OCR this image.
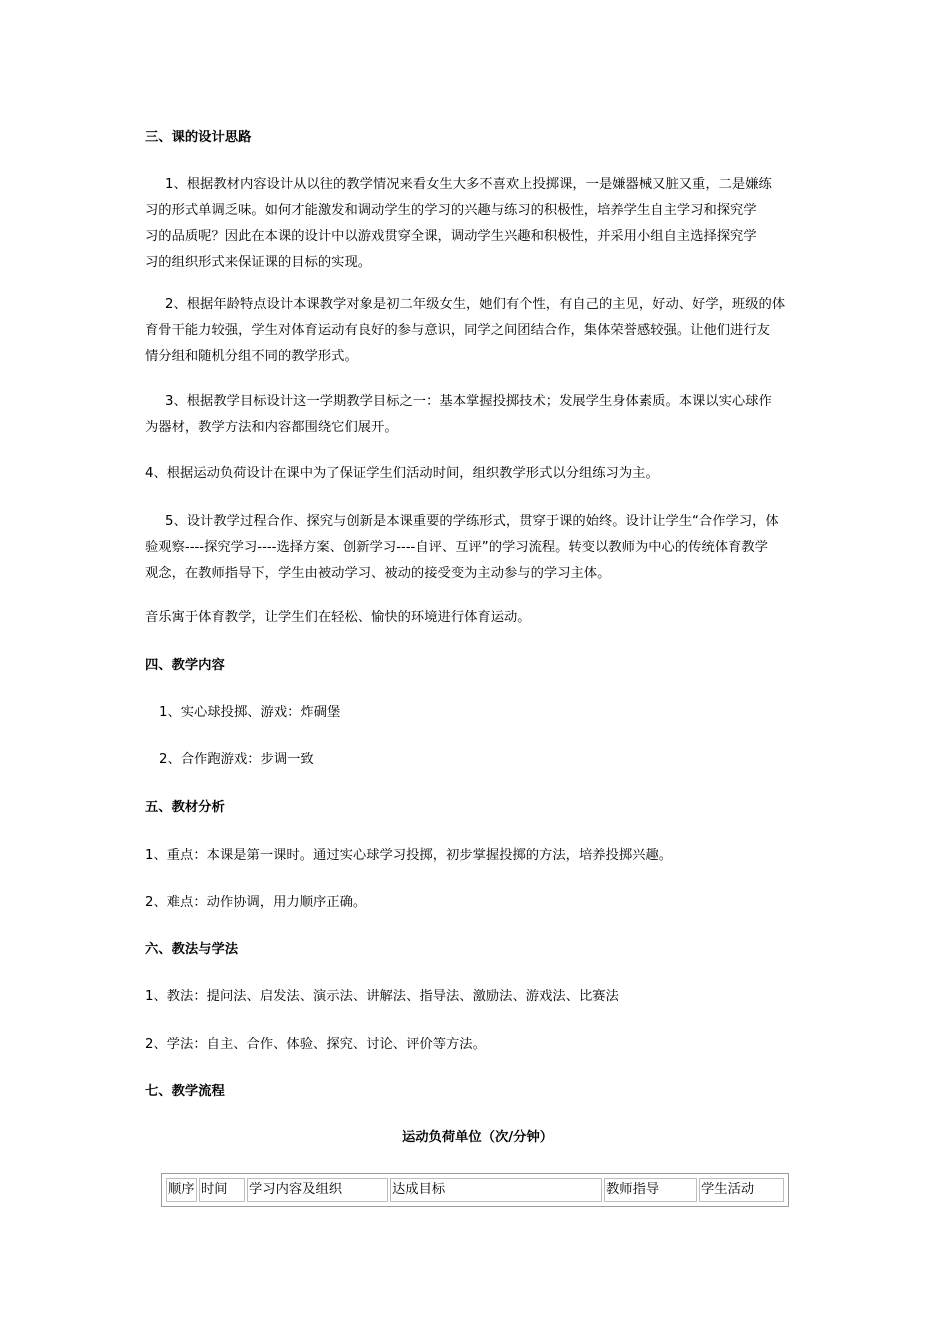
三、课的设计思路

1、根据教材内容设计从以往的教学情况来看女生大多不喜欢上投掷课，一是嫌器械又脏又重，二是嫌练

习的形式单调乏味。如何才能激发和调动学生的学习的兴趣与练习的积极性，培养学生自主学习和探究学

习的品质呢？因此在本课的设计中以游戏贯穿全课，调动学生兴趣和积极性，并采用小组自主选择探究学

习的组织形式来保证课的目标的实现。

2、根据年龄特点设计本课教学对象是初二年级女生，她们有个性，有自己的主见，好动、好学，班级的体

育骨干能力较强，学生对体育运动有良好的参与意识，同学之间团结合作，集体荣誉感较强。让他们进行友

情分组和随机分组不同的教学形式。

3、根据教学目标设计这一学期教学目标之一：基本掌握投掷技术；发展学生身体素质。本课以实心球作

为器材，教学方法和内容都围绕它们展开。

4、根据运动负荷设计在课中为了保证学生们活动时间，组织教学形式以分组练习为主。

5、设计教学过程合作、探究与创新是本课重要的学练形式，贯穿于课的始终。设计让学生“合作学习，体

验观察----探究学习----选择方案、创新学习----自评、互评”的学习流程。转变以教师为中心的传统体育教学

观念，在教师指导下，学生由被动学习、被动的接受变为主动参与的学习主体。

音乐寓于体育教学，让学生们在轻松、愉快的环境进行体育运动。
四、教学内容
1、实心球投掷、游戏：炸碉堡
2、合作跑游戏：步调一致
五、教材分析
1、重点：本课是第一课时。通过实心球学习投掷，初步掌握投掷的方法，培养投掷兴趣。
2、难点：动作协调，用力顺序正确。
六、教法与学法
1、教法：提问法、启发法、演示法、讲解法、指导法、激励法、游戏法、比赛法
2、学法：自主、合作、体验、探究、讨论、评价等方法。
七、教学流程
运动负荷单位（次/分钟）
顺序	时间	学习内容及组织	达成目标	教师指导	学生活动
